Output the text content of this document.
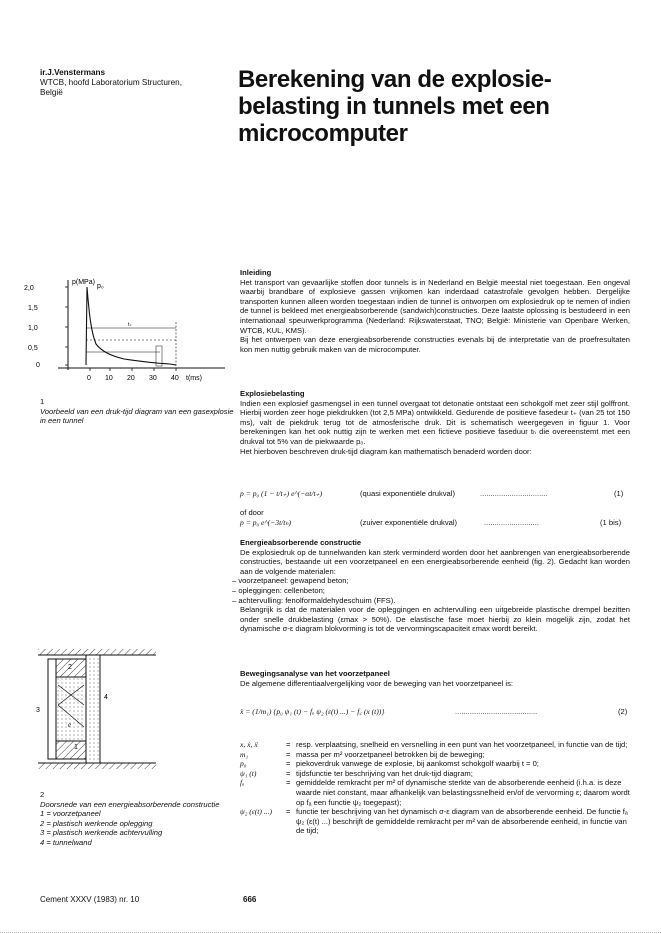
ir.J.Venstermans
WTCB, hoofd Laboratorium Structuren,
België	Berekening van de explosie-
belasting in tunnels met een
microcomputer
2,0
1,5
1,0
0,5
0
p(MPa)
p₀
0 10 20 30 40 t(ms)
t₊
1
Voorbeeld van een druk-tijd diagram van een gasexplosie in een tunnel
2
3
1
4
e
2
Doorsnede van een energieabsorberende constructie
1 = voorzetpaneel
2 = plastisch werkende oplegging
3 = plastisch werkende achtervulling
4 = tunnelwand
Inleiding

Het transport van gevaarlijke stoffen door tunnels is in Nederland en België meestal niet toegestaan. Een ongeval waarbij brandbare of explosieve gassen vrijkomen kan inderdaad catastrofale gevolgen hebben. Dergelijke transporten kunnen alleen worden toegestaan indien de tunnel is ontworpen om explosiedruk op te nemen of indien de tunnel is bekleed met energieabsorberende (sandwich)constructies. Deze laatste oplossing is bestudeerd in een internationaal speurwerkprogramma (Nederland: Rijkswaterstaat, TNO; België: Ministerie van Openbare Werken, WTCB, KUL, KMS).

Bij het ontwerpen van deze energieabsorberende constructies evenals bij de interpretatie van de proefresultaten kon men nuttig gebruik maken van de microcomputer.

Explosiebelasting

Indien een explosief gasmengsel in een tunnel overgaat tot detonatie ontstaat een schokgolf met zeer stijl golffront. Hierbij worden zeer hoge piekdrukken (tot 2,5 MPa) ontwikkeld. Gedurende de positieve fasedeur t₊ (van 25 tot 150 ms), valt de piekdruk terug tot de atmosferische druk. Dit is schematisch weergegeven in figuur 1. Voor berekeningen kan het ook nuttig zijn te werken met een fictieve positieve faseduur tₕ die overeenstemt met een drukval tot 5% van de piekwaarde p₀.

Het hierboven beschreven druk-tijd diagram kan mathematisch benaderd worden door:

p = p₀ (1 − t/t₊) e^(−αt/t₊)	(quasi exponentiële drukval)	................................	(1)
of door
p = p₀ e^(−3t/tₕ)	(zuiver exponentiële drukval)	..........................	(1 bis)
Energieabsorberende constructie

De explosiedruk op de tunnelwanden kan sterk verminderd worden door het aanbrengen van energieabsorberende constructies, bestaande uit een voorzetpaneel en een energieabsorberende eenheid (fig. 2). Gedacht kan worden aan de volgende materialen:

– voorzetpaneel: gewapend beton;
– opleggingen: cellenbeton;
– achtervulling: fenolformaldehydeschuim (FFS).

Belangrijk is dat de materialen voor de opleggingen en achtervulling een uitgebreide plastische drempel bezitten onder snelle drukbelasting (εmax > 50%). De elastische fase moet hierbij zo klein mogelijk zijn, zodat het dynamische σ-ε diagram blokvorming is tot de vervormingscapaciteit εmax wordt bereikt.

Bewegingsanalyse van het voorzetpaneel

De algemene differentiaalvergelijking voor de beweging van het voorzetpaneel is:

ẍ = (1/m₁) {p₀ ψ₁ (t) − fₐ ψ₂ (ε(t) ...) − f꜀ (x (t))}	.......................................	(2)
x, ẋ, ẍ	= resp. verplaatsing, snelheid en versnelling in een punt van het voorzetpaneel, in functie van de tijd;
m₁	= massa per m² voorzetpaneel betrokken bij de beweging;
p₀	= piekoverdruk vanwege de explosie, bij aankomst schokgolf waarbij t = 0;
ψ₁ (t)	= tijdsfunctie ter beschrijving van het druk-tijd diagram;
fₐ	= gemiddelde remkracht per m² of dynamische sterkte van de absorberende eenheid (i.h.a. is deze waarde niet constant, maar afhankelijk van belastingssnelheid en/of de vervorming ε; daarom wordt op fₐ een functie ψ₂ toegepast);
ψ₂ (ε(t) ...)	= functie ter beschrijving van het dynamisch σ-ε diagram van de absorberende eenheid. De functie fₐ ψ₂ (ε(t) ...) beschrijft de gemiddelde remkracht per m² van de absorberende eenheid, in functie van de tijd;
Cement XXXV (1983) nr. 10	666
